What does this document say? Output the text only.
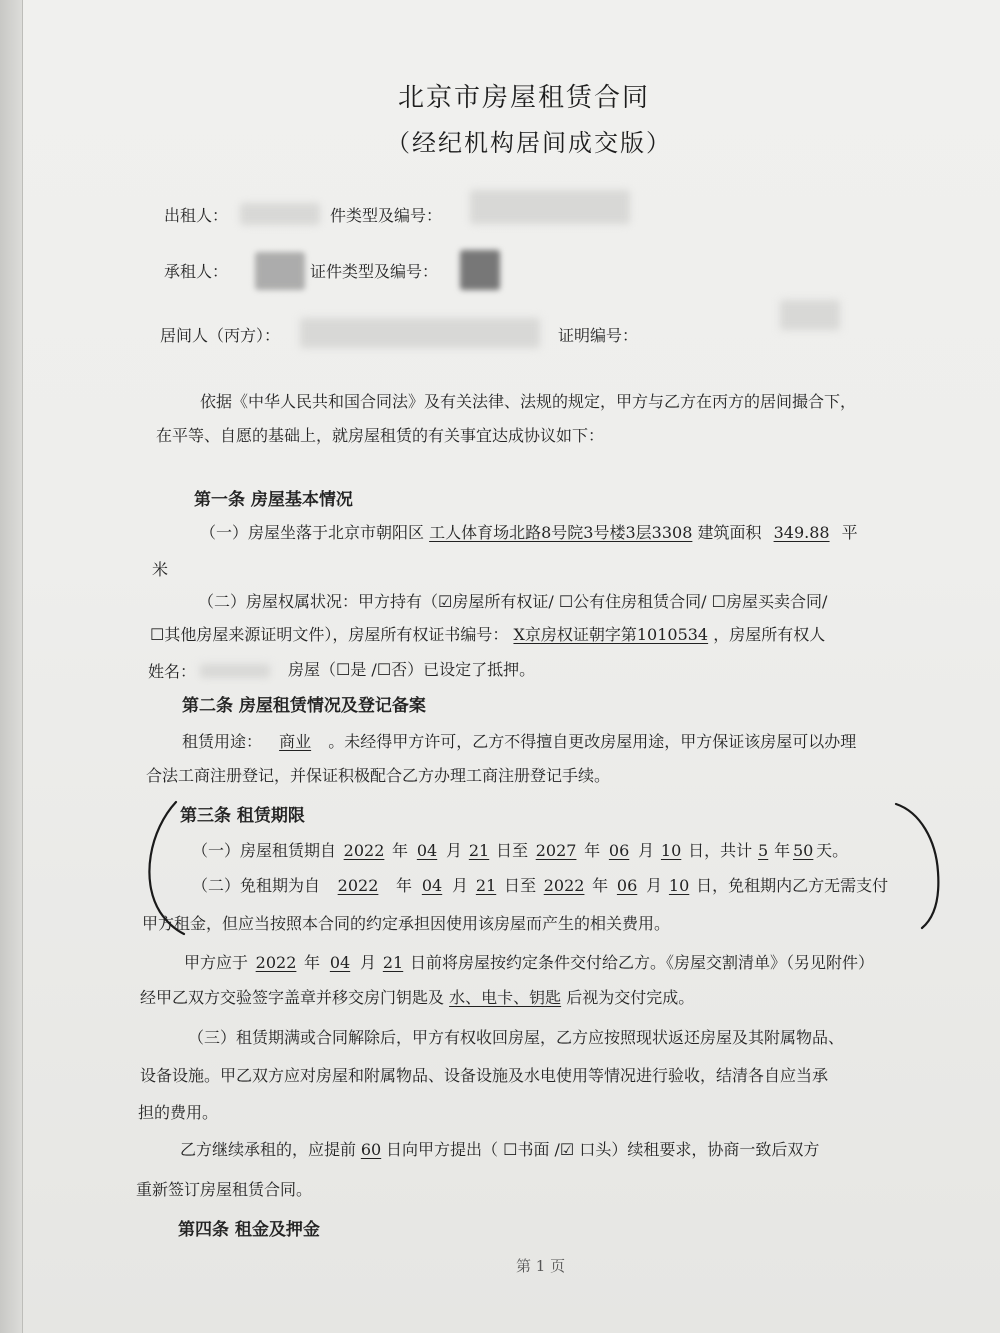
北京市房屋租赁合同
（经纪机构居间成交版）
出租人：	件类型及编号：
承租人：	证件类型及编号：
居间人（丙方）：	证明编号：
依据《中华人民共和国合同法》及有关法律、法规的规定，甲方与乙方在丙方的居间撮合下，
在平等、自愿的基础上，就房屋租赁的有关事宜达成协议如下：
第一条 房屋基本情况
（一）房屋坐落于北京市朝阳区 工人体育场北路8号院3号楼3层3308 建筑面积 349.88 平
米
（二）房屋权属状况：甲方持有（☑房屋所有权证/ ☐公有住房租赁合同/ ☐房屋买卖合同/
☐其他房屋来源证明文件），房屋所有权证书编号： X京房权证朝字第1010534 ，房屋所有权人
姓名：	房屋（☐是 /☐否）已设定了抵押。
第二条 房屋租赁情况及登记备案
租赁用途： 商业 。未经得甲方许可，乙方不得擅自更改房屋用途，甲方保证该房屋可以办理
合法工商注册登记，并保证积极配合乙方办理工商注册登记手续。
第三条 租赁期限
（一）房屋租赁期自 2022 年 04 月 21 日至 2027 年 06 月 10 日，共计 5 年 50 天。
（二）免租期为自 2022 年 04 月 21 日至 2022 年 06 月 10 日，免租期内乙方无需支付
甲方租金，但应当按照本合同的约定承担因使用该房屋而产生的相关费用。
甲方应于 2022 年 04 月 21 日前将房屋按约定条件交付给乙方。《房屋交割清单》（另见附件）
经甲乙双方交验签字盖章并移交房门钥匙及 水、电卡、钥匙 后视为交付完成。
（三）租赁期满或合同解除后，甲方有权收回房屋，乙方应按照现状返还房屋及其附属物品、
设备设施。甲乙双方应对房屋和附属物品、设备设施及水电使用等情况进行验收，结清各自应当承
担的费用。
乙方继续承租的，应提前 60 日向甲方提出（ ☐书面 /☑ 口头）续租要求，协商一致后双方
重新签订房屋租赁合同。
第四条 租金及押金
第 1 页
